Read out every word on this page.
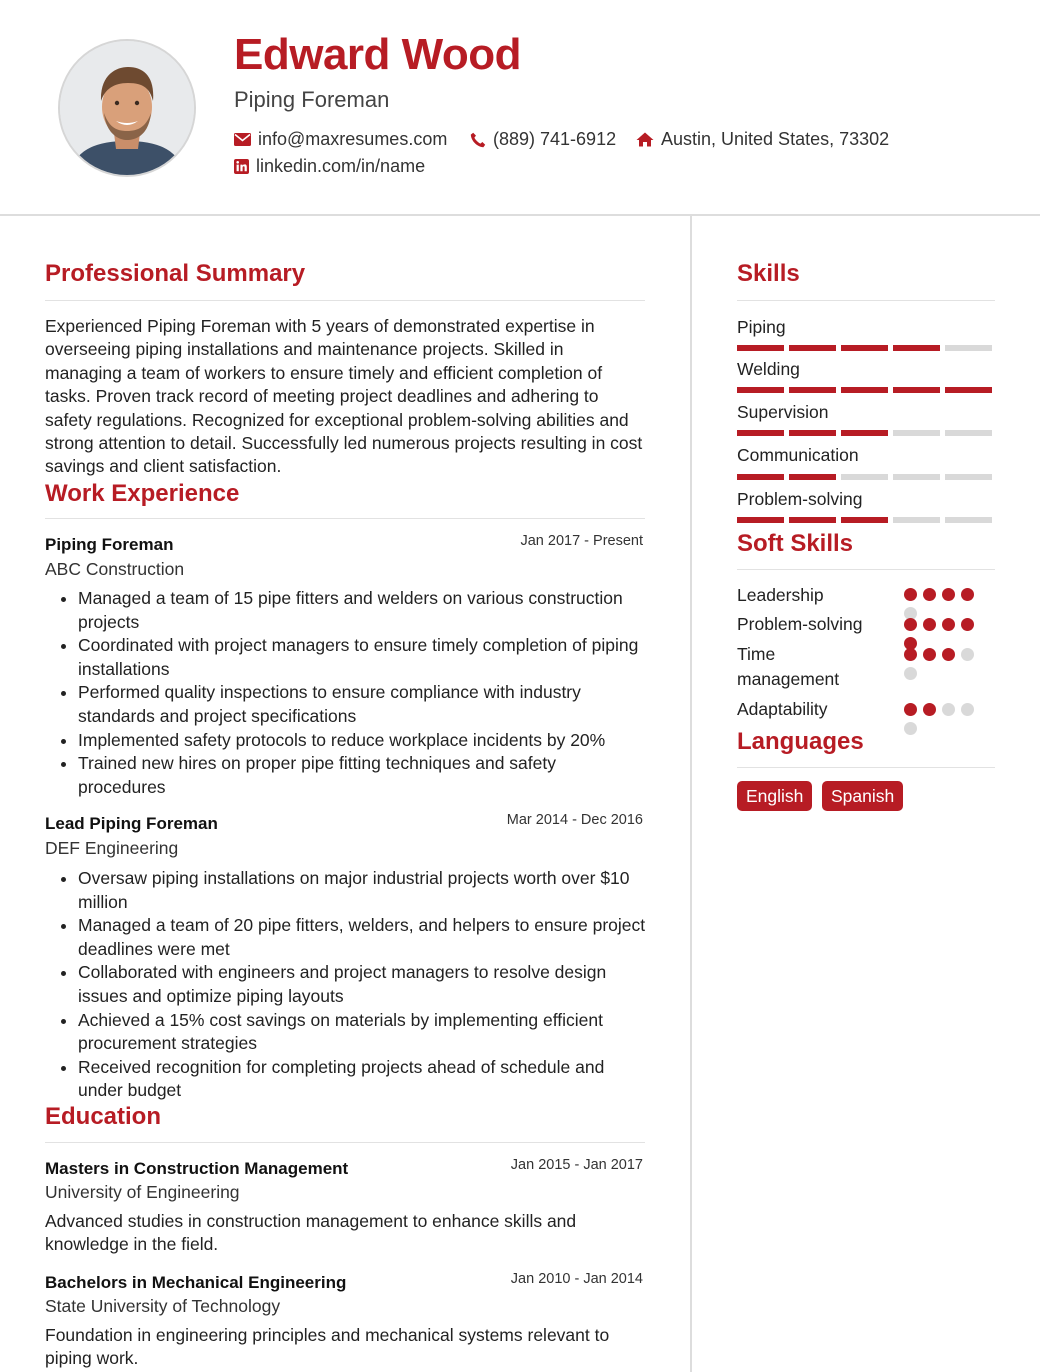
Edward Wood
Piping Foreman
info@maxresumes.com	(889) 741-6912 Austin, United States, 73302
linkedin.com/in/name
Professional Summary
Experienced Piping Foreman with 5 years of demonstrated expertise in overseeing piping installations and maintenance projects. Skilled in managing a team of workers to ensure timely and efficient completion of tasks. Proven track record of meeting project deadlines and adhering to safety regulations. Recognized for exceptional problem-solving abilities and strong attention to detail. Successfully led numerous projects resulting in cost savings and client satisfaction.
Work Experience
Piping Foreman	Jan 2017 - Present
ABC Construction
• Managed a team of 15 pipe fitters and welders on various construction projects
• Coordinated with project managers to ensure timely completion of piping installations
• Performed quality inspections to ensure compliance with industry standards and project specifications
• Implemented safety protocols to reduce workplace incidents by 20%
• Trained new hires on proper pipe fitting techniques and safety procedures
Lead Piping Foreman	Mar 2014 - Dec 2016
DEF Engineering
• Oversaw piping installations on major industrial projects worth over $10 million
• Managed a team of 20 pipe fitters, welders, and helpers to ensure project deadlines were met
• Collaborated with engineers and project managers to resolve design issues and optimize piping layouts
• Achieved a 15% cost savings on materials by implementing efficient procurement strategies
• Received recognition for completing projects ahead of schedule and under budget
Education
Masters in Construction Management	Jan 2015 - Jan 2017
University of Engineering
Advanced studies in construction management to enhance skills and knowledge in the field.
Bachelors in Mechanical Engineering	Jan 2010 - Jan 2014
State University of Technology
Foundation in engineering principles and mechanical systems relevant to piping work.
Skills
Piping
Welding
Supervision
Communication
Problem-solving
Soft Skills
Leadership
Problem-solving
Time management
Adaptability
Languages
English	Spanish
